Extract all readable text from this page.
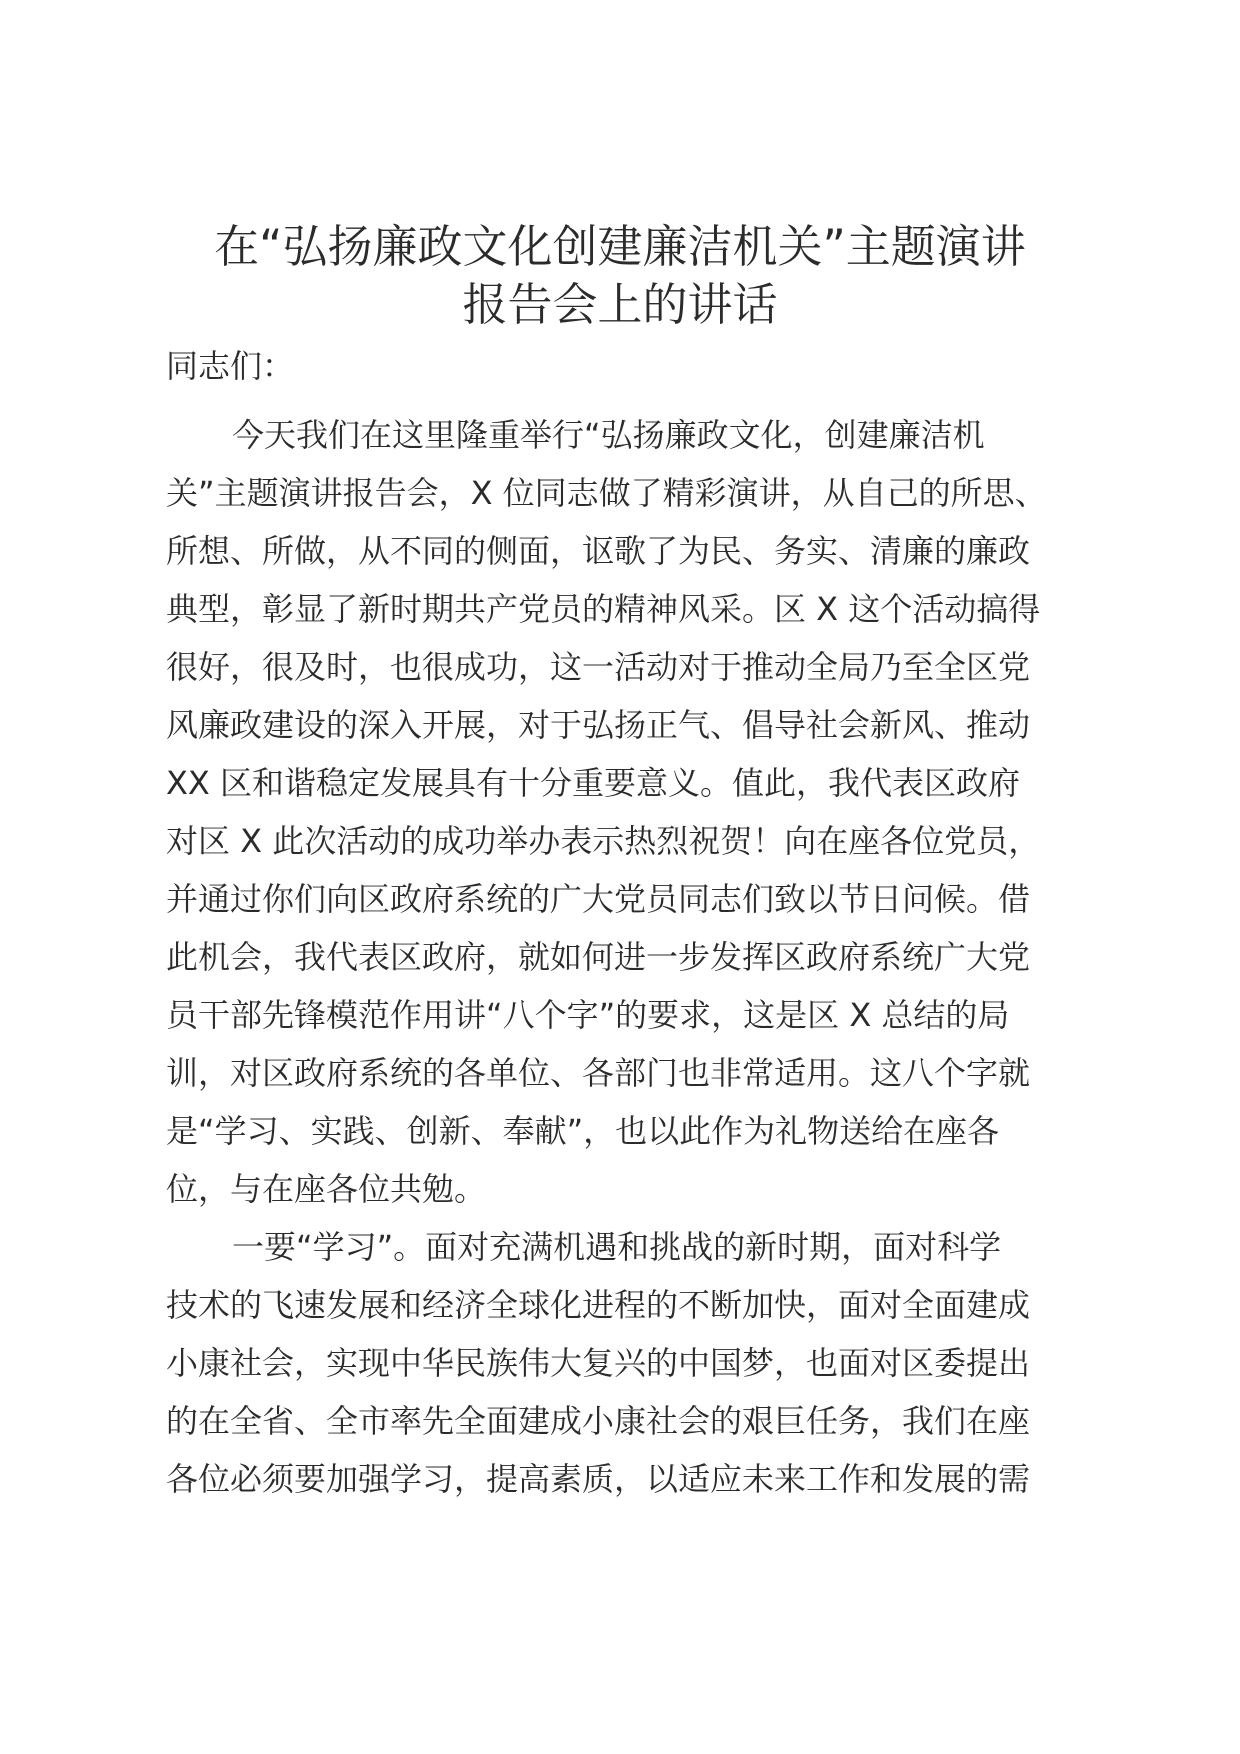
在“弘扬廉政文化创建廉洁机关”主题演讲
报告会上的讲话

同志们：

今天我们在这里隆重举行“弘扬廉政文化，创建廉洁机
关”主题演讲报告会，X 位同志做了精彩演讲，从自己的所思、
所想、所做，从不同的侧面，讴歌了为民、务实、清廉的廉政
典型，彰显了新时期共产党员的精神风采。区 X 这个活动搞得
很好，很及时，也很成功，这一活动对于推动全局乃至全区党
风廉政建设的深入开展，对于弘扬正气、倡导社会新风、推动
XX 区和谐稳定发展具有十分重要意义。值此，我代表区政府
对区 X 此次活动的成功举办表示热烈祝贺！向在座各位党员，
并通过你们向区政府系统的广大党员同志们致以节日问候。借
此机会，我代表区政府，就如何进一步发挥区政府系统广大党
员干部先锋模范作用讲“八个字”的要求，这是区 X 总结的局
训，对区政府系统的各单位、各部门也非常适用。这八个字就
是“学习、实践、创新、奉献”，也以此作为礼物送给在座各
位，与在座各位共勉。
一要“学习”。面对充满机遇和挑战的新时期，面对科学
技术的飞速发展和经济全球化进程的不断加快，面对全面建成
小康社会，实现中华民族伟大复兴的中国梦，也面对区委提出
的在全省、全市率先全面建成小康社会的艰巨任务，我们在座
各位必须要加强学习，提高素质，以适应未来工作和发展的需
